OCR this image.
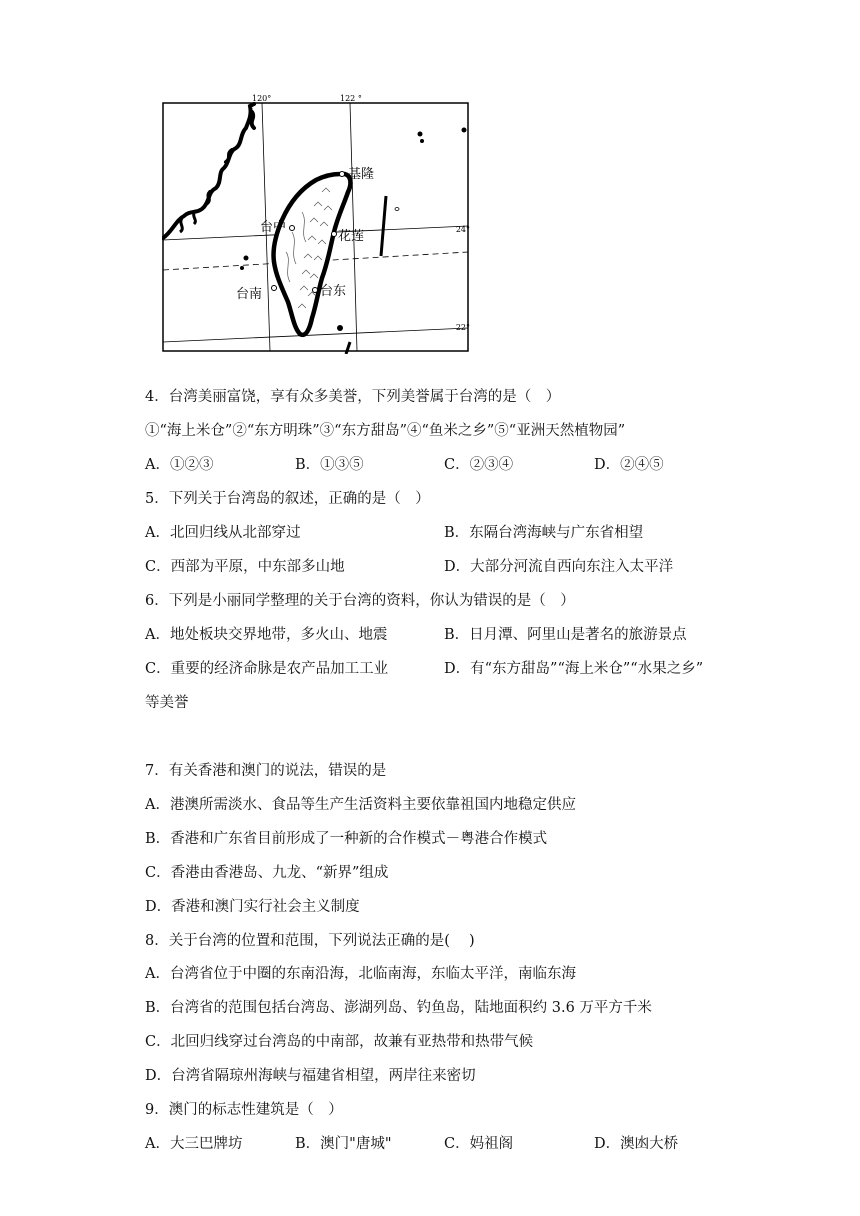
120°	122 °
24°
22°
基隆
台中
花莲
台南	台东
4．台湾美丽富饶，享有众多美誉，下列美誉属于台湾的是（　）
①“海上米仓”②“东方明珠”③“东方甜岛”④“鱼米之乡”⑤“亚洲天然植物园”
A．①②③	B．①③⑤	C．②③④	D．②④⑤
5．下列关于台湾岛的叙述，正确的是（　）
A．北回归线从北部穿过	B．东隔台湾海峡与广东省相望
C．西部为平原，中东部多山地	D．大部分河流自西向东注入太平洋
6．下列是小丽同学整理的关于台湾的资料，你认为错误的是（　）
A．地处板块交界地带，多火山、地震	B．日月潭、阿里山是著名的旅游景点
C．重要的经济命脉是农产品加工工业	D．有“东方甜岛”“海上米仓”“水果之乡”
等美誉
7．有关香港和澳门的说法，错误的是
A．港澳所需淡水、食品等生产生活资料主要依靠祖国内地稳定供应
B．香港和广东省目前形成了一种新的合作模式－粤港合作模式
C．香港由香港岛、九龙、“新界”组成
D．香港和澳门实行社会主义制度
8．关于台湾的位置和范围，下列说法正确的是(　 )
A．台湾省位于中圈的东南沿海，北临南海，东临太平洋，南临东海
B．台湾省的范围包括台湾岛、澎湖列岛、钓鱼岛，陆地面积约 3.6 万平方千米
C．北回归线穿过台湾岛的中南部，故兼有亚热带和热带气候
D．台湾省隔琼州海峡与福建省相望，两岸往来密切
9．澳门的标志性建筑是（　）
A．大三巴牌坊	B．澳门"唐城"	C．妈祖阁	D．澳凼大桥
